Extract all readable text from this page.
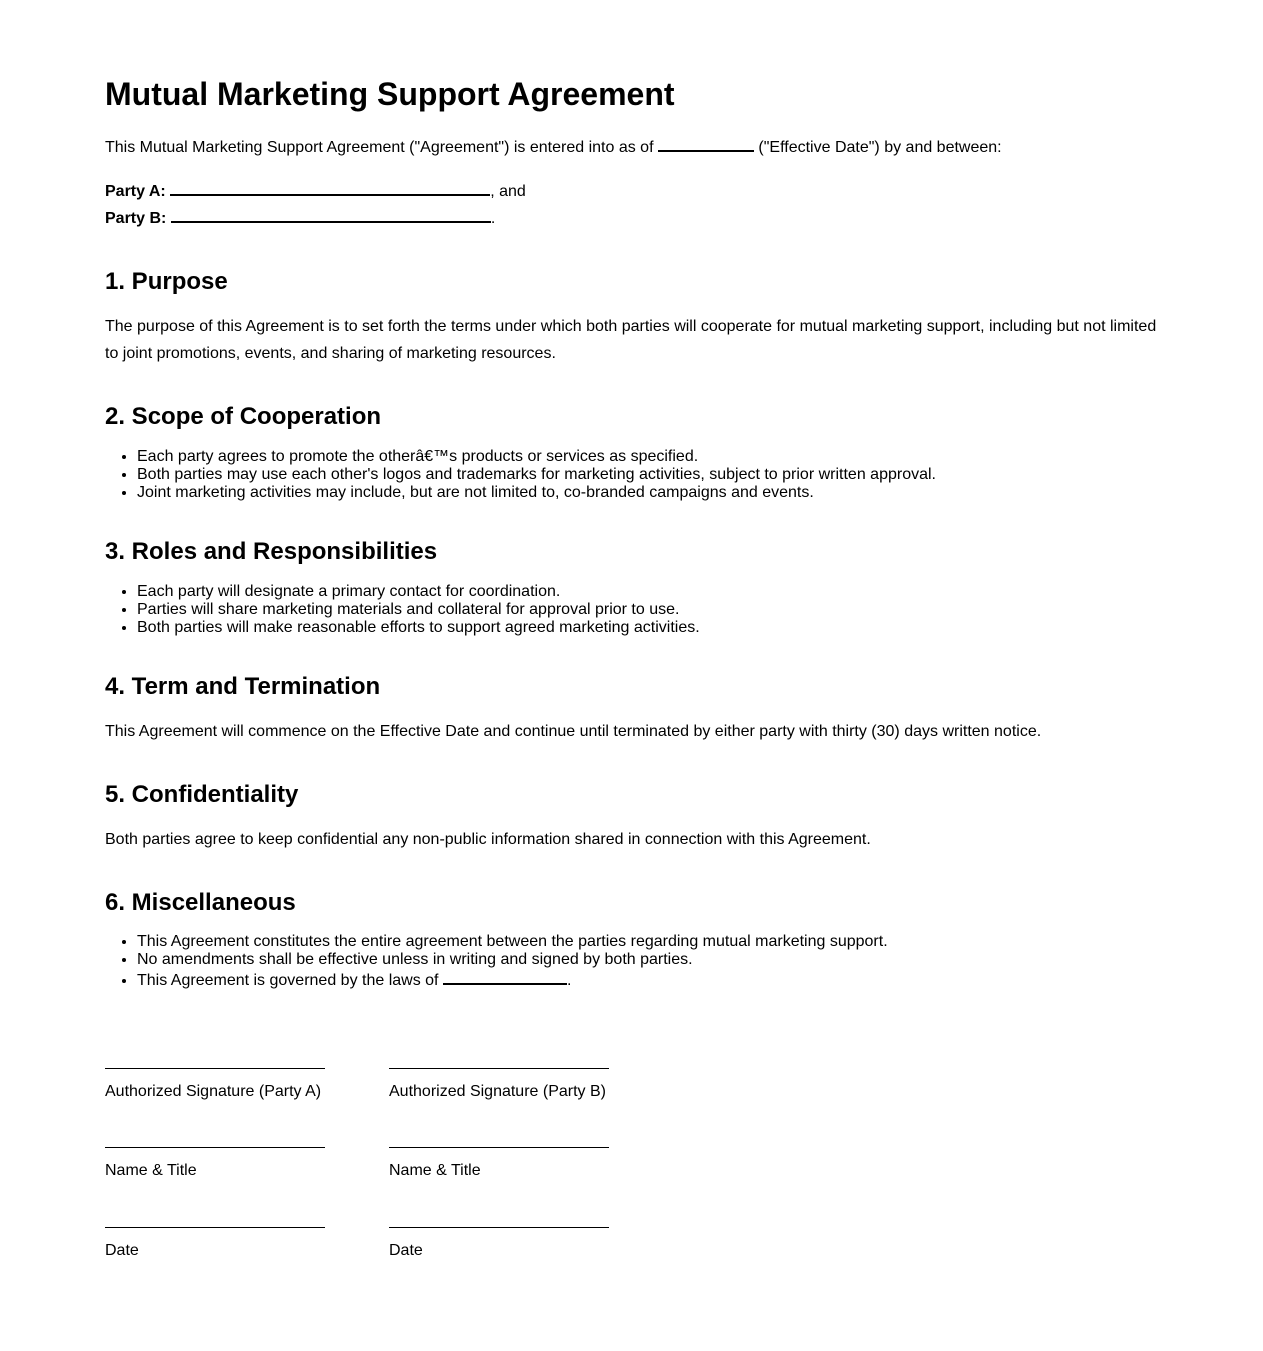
Mutual Marketing Support Agreement

This Mutual Marketing Support Agreement ("Agreement") is entered into as of	("Effective Date") by and between:

Party A:	, and
Party B:	.
1. Purpose

The purpose of this Agreement is to set forth the terms under which both parties will cooperate for mutual marketing support, including but not limited to joint promotions, events, and sharing of marketing resources.

2. Scope of Cooperation
• Each party agrees to promote the otherâ€™s products or services as specified.
• Both parties may use each other's logos and trademarks for marketing activities, subject to prior written approval.
• Joint marketing activities may include, but are not limited to, co-branded campaigns and events.
3. Roles and Responsibilities
• Each party will designate a primary contact for coordination.
• Parties will share marketing materials and collateral for approval prior to use.
• Both parties will make reasonable efforts to support agreed marketing activities.
4. Term and Termination

This Agreement will commence on the Effective Date and continue until terminated by either party with thirty (30) days written notice.

5. Confidentiality

Both parties agree to keep confidential any non-public information shared in connection with this Agreement.

6. Miscellaneous
• This Agreement constitutes the entire agreement between the parties regarding mutual marketing support.
• No amendments shall be effective unless in writing and signed by both parties.
• This Agreement is governed by the laws of	.
Authorized Signature (Party A)	Authorized Signature (Party B)
Name & Title	Name & Title
Date	Date
